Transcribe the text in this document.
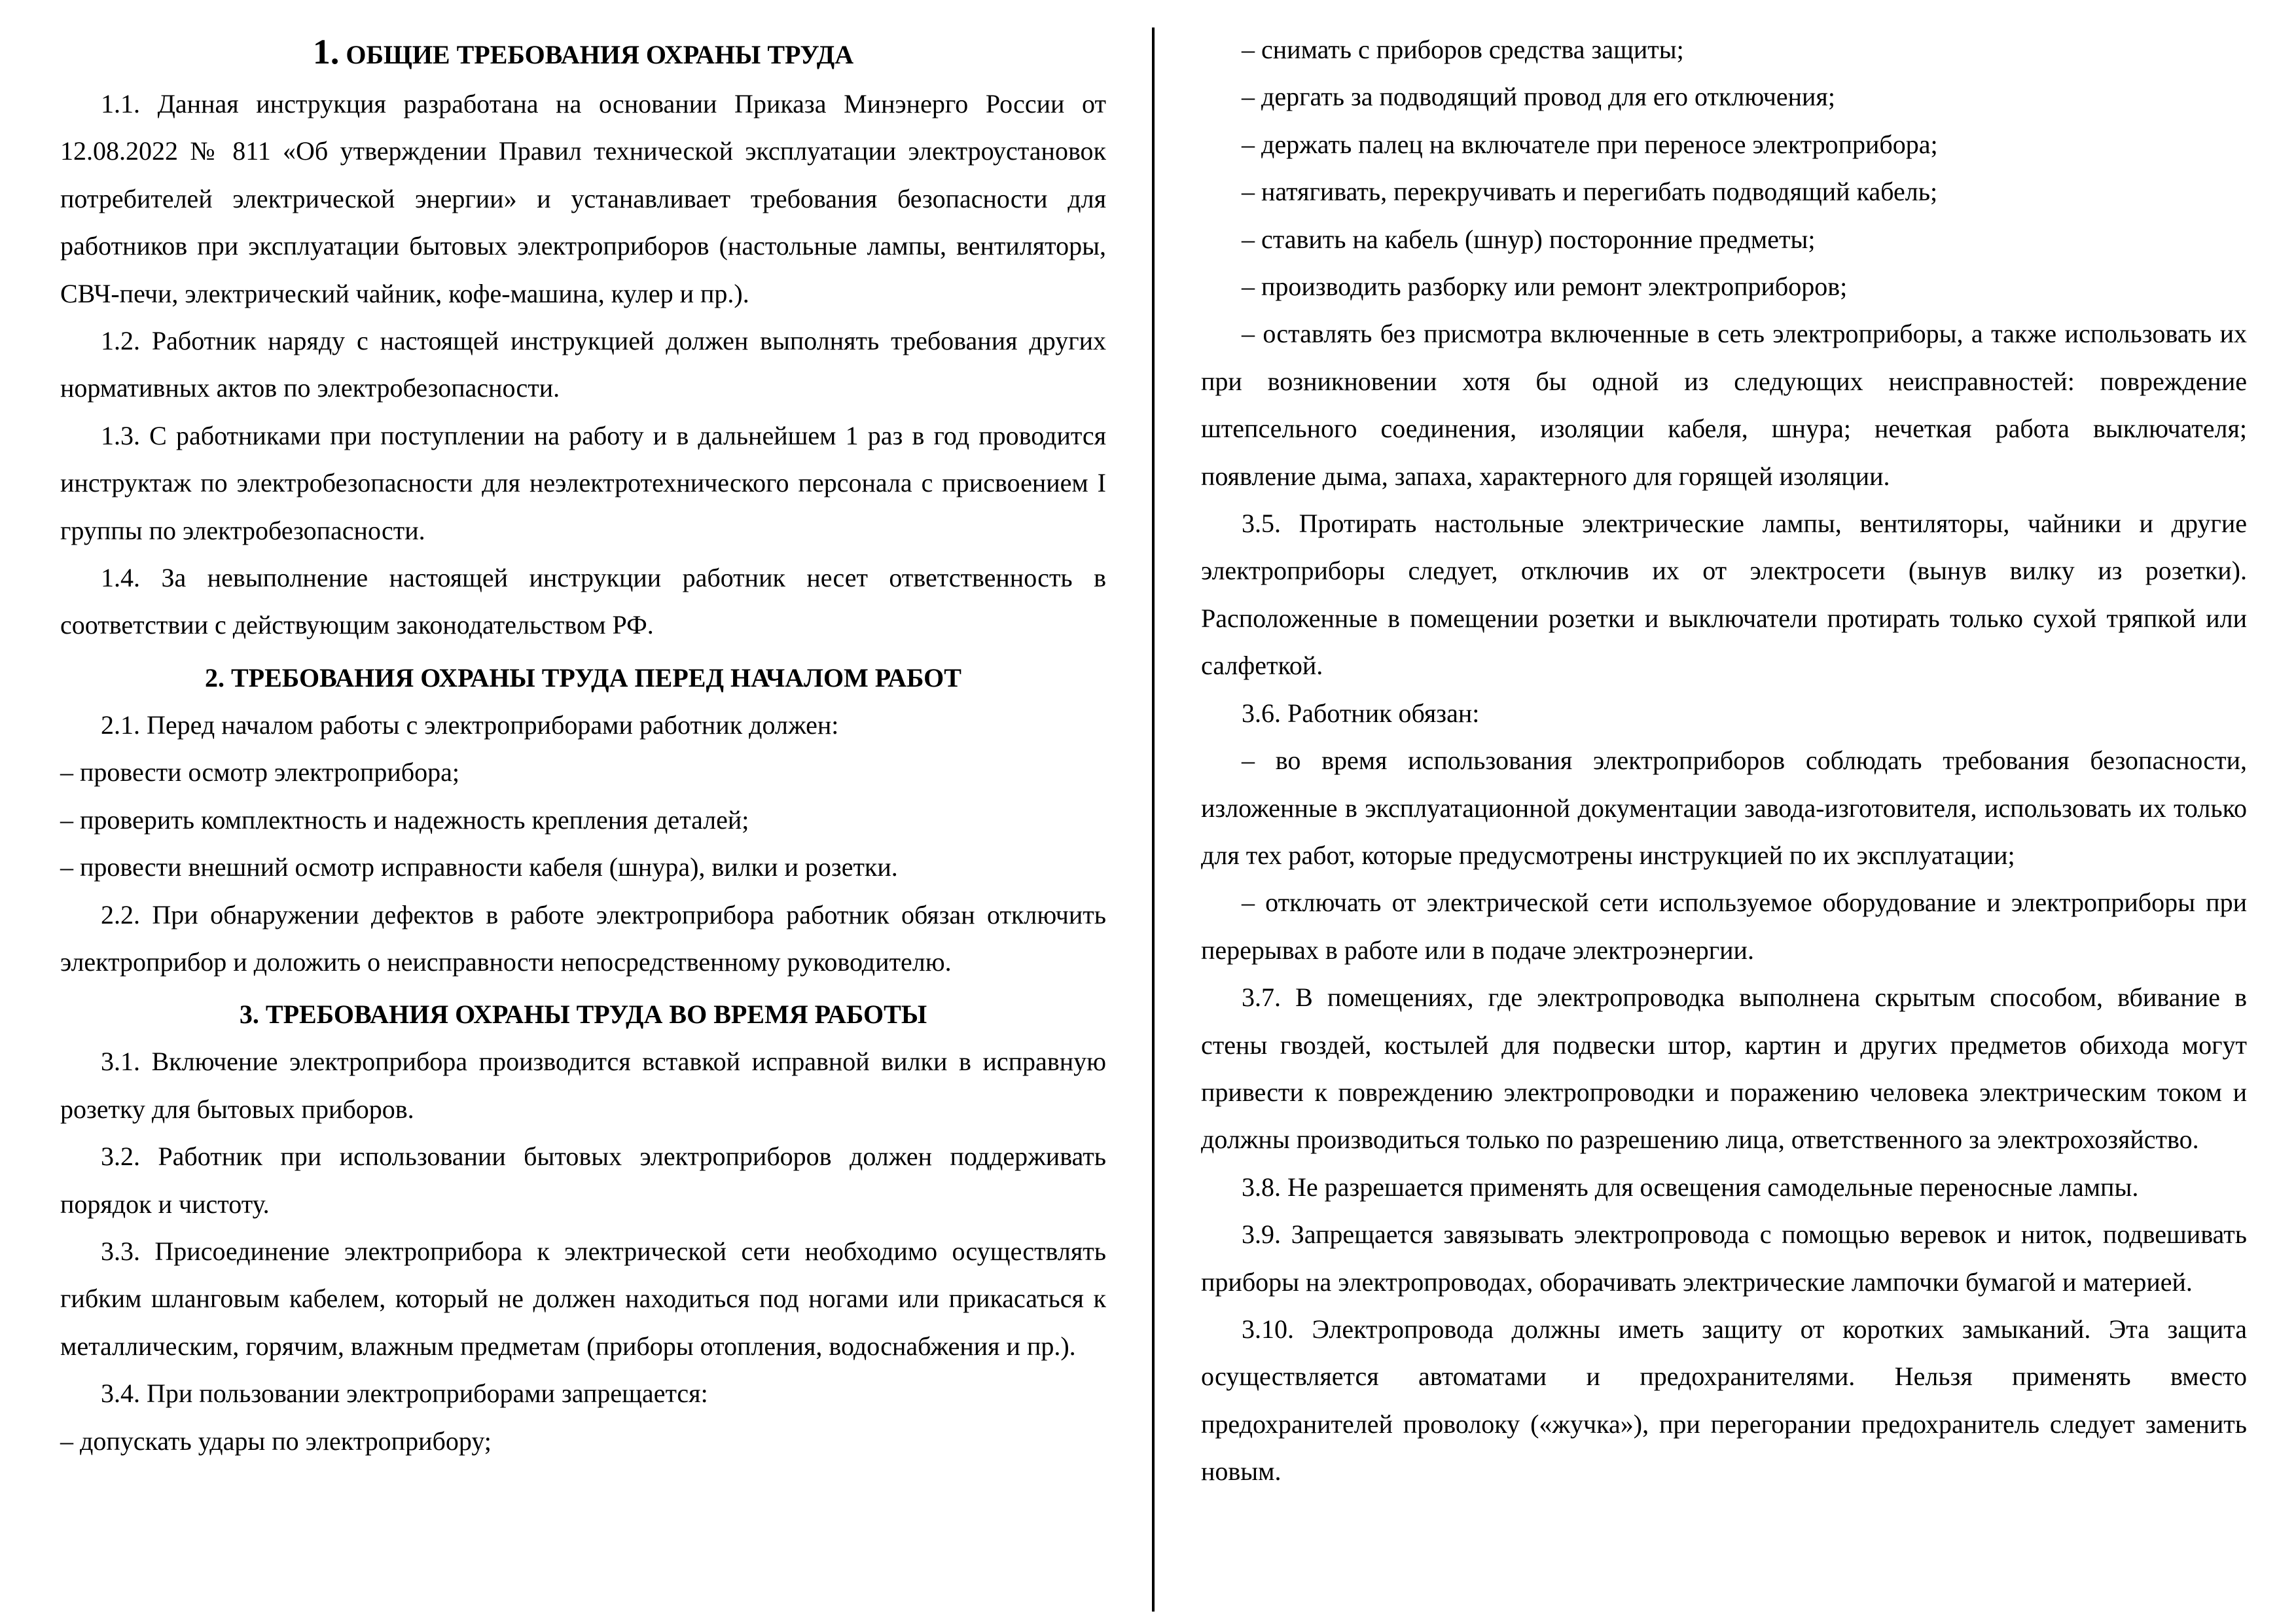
1. ОБЩИЕ ТРЕБОВАНИЯ ОХРАНЫ ТРУДА

1.1. Данная инструкция разработана на основании Приказа Минэнерго России от 12.08.2022 № 811 «Об утверждении Правил технической эксплуатации электроустановок потребителей электрической энергии» и устанавливает требования безопасности для работников при эксплуатации бытовых электроприборов (настольные лампы, вентиляторы, СВЧ-печи, электрический чайник, кофе-машина, кулер и пр.).

1.2. Работник наряду с настоящей инструкцией должен выполнять требования других нормативных актов по электробезопасности.

1.3. С работниками при поступлении на работу и в дальнейшем 1 раз в год проводится инструктаж по электробезопасности для неэлектротехнического персонала с присвоением I группы по электробезопасности.

1.4. За невыполнение настоящей инструкции работник несет ответственность в соответствии с действующим законодательством РФ.

2. ТРЕБОВАНИЯ ОХРАНЫ ТРУДА ПЕРЕД НАЧАЛОМ РАБОТ

2.1. Перед началом работы с электроприборами работник должен:

– провести осмотр электроприбора;

– проверить комплектность и надежность крепления деталей;

– провести внешний осмотр исправности кабеля (шнура), вилки и розетки.

2.2. При обнаружении дефектов в работе электроприбора работник обязан отключить электроприбор и доложить о неисправности непосредственному руководителю.

3. ТРЕБОВАНИЯ ОХРАНЫ ТРУДА ВО ВРЕМЯ РАБОТЫ

3.1. Включение электроприбора производится вставкой исправной вилки в исправную розетку для бытовых приборов.

3.2. Работник при использовании бытовых электроприборов должен поддерживать порядок и чистоту.

3.3. Присоединение электроприбора к электрической сети необходимо осуществлять гибким шланговым кабелем, который не должен находиться под ногами или прикасаться к металлическим, горячим, влажным предметам (приборы отопления, водоснабжения и пр.).

3.4. При пользовании электроприборами запрещается:

– допускать удары по электроприбору;

– снимать с приборов средства защиты;

– дергать за подводящий провод для его отключения;

– держать палец на включателе при переносе электроприбора;

– натягивать, перекручивать и перегибать подводящий кабель;

– ставить на кабель (шнур) посторонние предметы;

– производить разборку или ремонт электроприборов;

– оставлять без присмотра включенные в сеть электроприборы, а также использовать их при возникновении хотя бы одной из следующих неисправностей: повреждение штепсельного соединения, изоляции кабеля, шнура; нечеткая работа выключателя; появление дыма, запаха, характерного для горящей изоляции.

3.5. Протирать настольные электрические лампы, вентиляторы, чайники и другие электроприборы следует, отключив их от электросети (вынув вилку из розетки). Расположенные в помещении розетки и выключатели протирать только сухой тряпкой или салфеткой.

3.6. Работник обязан:

– во время использования электроприборов соблюдать требования безопасности, изложенные в эксплуатационной документации завода-изготовителя, использовать их только для тех работ, которые предусмотрены инструкцией по их эксплуатации;

– отключать от электрической сети используемое оборудование и электроприборы при перерывах в работе или в подаче электроэнергии.

3.7. В помещениях, где электропроводка выполнена скрытым способом, вбивание в стены гвоздей, костылей для подвески штор, картин и других предметов обихода могут привести к повреждению электропроводки и поражению человека электрическим током и должны производиться только по разрешению лица, ответственного за электрохозяйство.

3.8. Не разрешается применять для освещения самодельные переносные лампы.

3.9. Запрещается завязывать электропровода с помощью веревок и ниток, подвешивать приборы на электропроводах, оборачивать электрические лампочки бумагой и материей.

3.10. Электропровода должны иметь защиту от коротких замыканий. Эта защита осуществляется автоматами и предохранителями. Нельзя применять вместо предохранителей проволоку («жучка»), при перегорании предохранитель следует заменить новым.
